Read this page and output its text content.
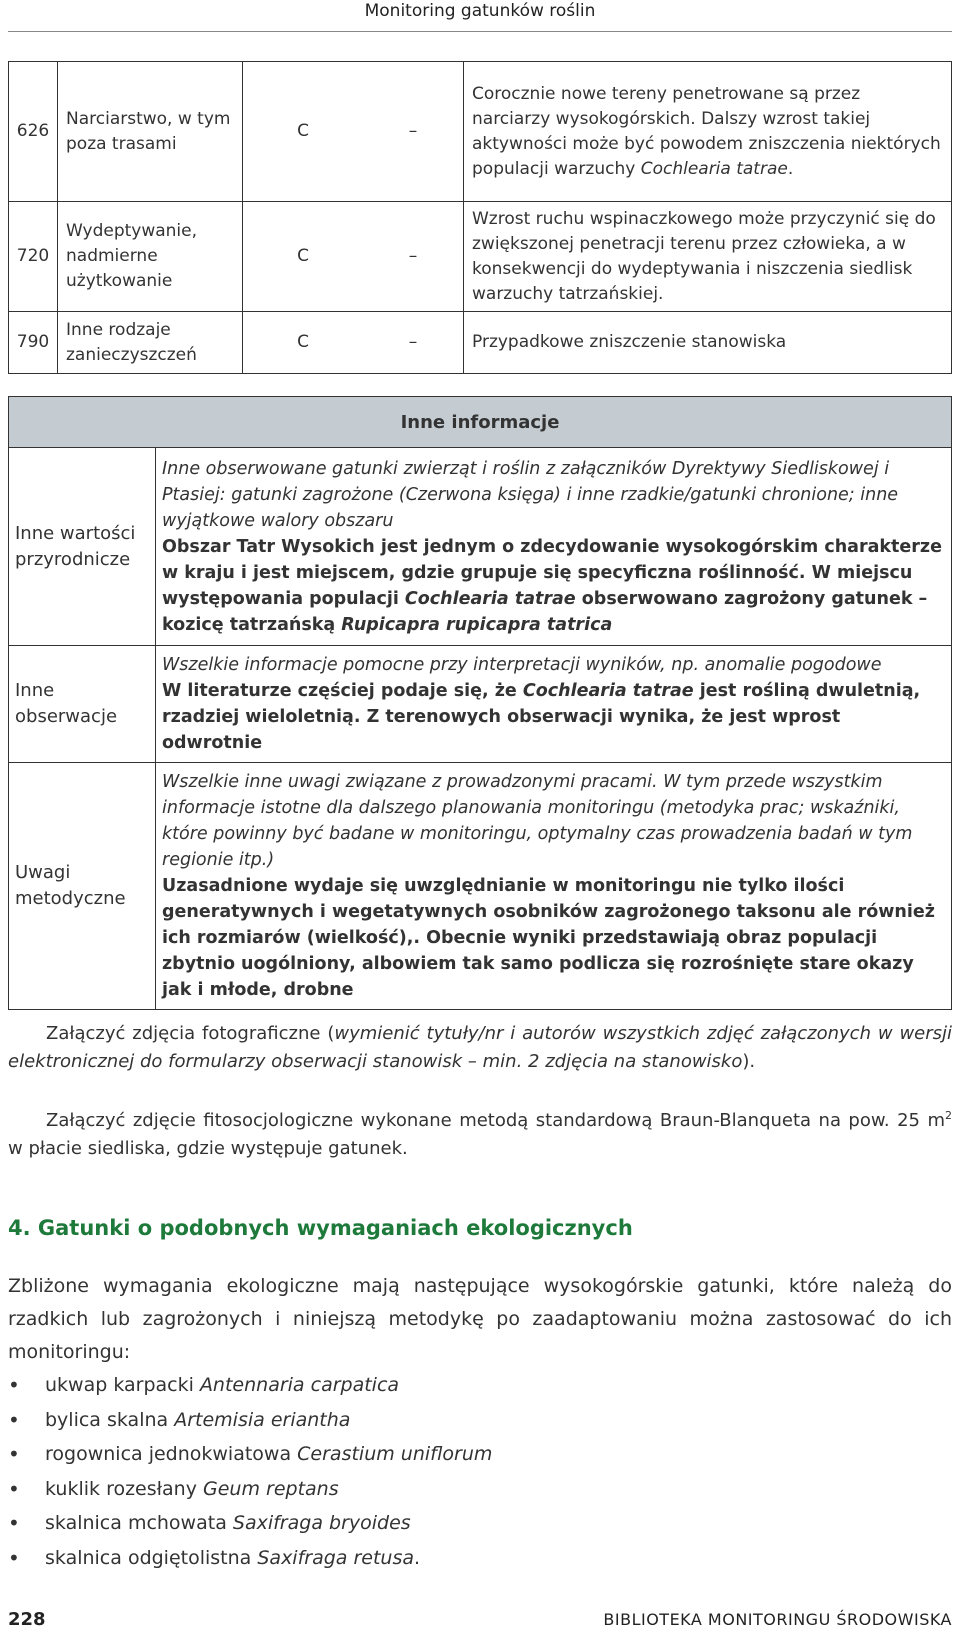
Monitoring gatunków roślin
626	Narciarstwo, w tym poza trasami	C	–	Corocznie nowe tereny penetrowane są przez narciarzy wysokogórskich. Dalszy wzrost takiej aktywności może być powodem zniszczenia niektórych populacji warzuchy Cochlearia tatrae.
720	Wydeptywanie, nadmierne użytkowanie	C	–	Wzrost ruchu wspinaczkowego może przyczynić się do zwiększonej penetracji terenu przez człowieka, a w konsekwencji do wydeptywania i niszczenia siedlisk warzuchy tatrzańskiej.
790	Inne rodzaje zanieczyszczeń	C	–	Przypadkowe zniszczenie stanowiska
Inne informacje	
Inne wartości przyrodnicze	Inne obserwowane gatunki zwierząt i roślin z załączników Dyrektywy Siedliskowej i Ptasiej: gatunki zagrożone (Czerwona księga) i inne rzadkie/gatunki chronione; inne wyjątkowe walory obszaru
Obszar Tatr Wysokich jest jednym o zdecydowanie wysokogórskim charakterze w kraju i jest miejscem, gdzie grupuje się specyficzna roślinność. W miejscu występowania populacji Cochlearia tatrae obserwowano zagrożony gatunek – kozicę tatrzańską Rupicapra rupicapra tatrica
Inne obserwacje	Wszelkie informacje pomocne przy interpretacji wyników, np. anomalie pogodowe
W literaturze częściej podaje się, że Cochlearia tatrae jest rośliną dwuletnią, rzadziej wieloletnią. Z terenowych obserwacji wynika, że jest wprost odwrotnie
Uwagi metodyczne	Wszelkie inne uwagi związane z prowadzonymi pracami. W tym przede wszystkim informacje istotne dla dalszego planowania monitoringu (metodyka prac; wskaźniki, które powinny być badane w monitoringu, optymalny czas prowadzenia badań w tym regionie itp.)
Uzasadnione wydaje się uwzględnianie w monitoringu nie tylko ilości generatywnych i wegetatywnych osobników zagrożonego taksonu ale również ich rozmiarów (wielkość),. Obecnie wyniki przedstawiają obraz populacji zbytnio uogólniony, albowiem tak samo podlicza się rozrośnięte stare okazy jak i młode, drobne
Załączyć zdjęcia fotograficzne (wymienić tytuły/nr i autorów wszystkich zdjęć załączonych w wersji elektronicznej do formularzy obserwacji stanowisk – min. 2 zdjęcia na stanowisko).
Załączyć zdjęcie fitosocjologiczne wykonane metodą standardową Braun-Blanqueta na pow. 25 $m^2$ w płacie siedliska, gdzie występuje gatunek.
4. Gatunki o podobnych wymaganiach ekologicznych
Zbliżone wymagania ekologiczne mają następujące wysokogórskie gatunki, które należą do rzadkich lub zagrożonych i niniejszą metodykę po zaadaptowaniu można zastosować do ich monitoringu:
• ukwap karpacki Antennaria carpatica
• bylica skalna Artemisia eriantha
• rogownica jednokwiatowa Cerastium uniflorum
• kuklik rozesłany Geum reptans
• skalnica mchowata Saxifraga bryoides
• skalnica odgiętolistna Saxifraga retusa.
228	BIBLIOTEKA MONITORINGU ŚRODOWISKA
